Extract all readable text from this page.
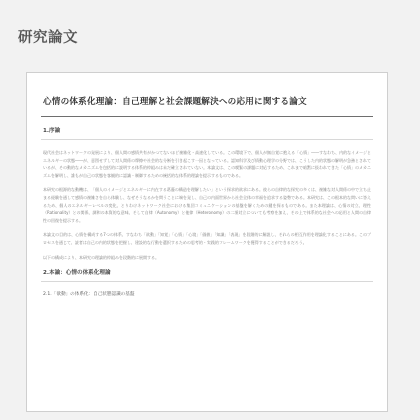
研究論文
心情の体系化理論：自己理解と社会課題解決への応用に関する論文
1.序論

現代社会はネットワークの発展により、個人間の感情共有がかつてないほど複雑化・高速化している。この環境下で、個人が無自覚に抱える「心情」――すなわち、内的なイメージとエネルギーの状態――が、意図せずして対人関係の摩擦や社会的な分断を引き起こす一因となっている。認知科学及び情動心理学の分野では、こうした内的状態の解明が急務とされているが、その動的なメカニズムを包括的に説明する体系的枠組みは未だ確立されていない。本論文は、この喫緊の課題に対応するため、これまで暗黙に扱われてきた「心情」のメカニズムを解明し、誰もが自己の状態を客観的に認識・制御するための統括的な体系的理論を提示するものである。

本研究の根源的な動機は、「個人のイメージとエネルギーに内在する葛藤の構造を理解したい」という探求的欲求にある。彼らの自律的な探究の多くは、複雑な対人関係の中で立ち止まる経験を通して感情の複雑さを自ら体験し、なぜそうなるかを問うことに端を発し、自己の内面世界から社会全体の幸福を追求する姿勢である。本研究は、この根本的な問いに答えるため、個人のエネルギーレベルの変化、とりわけネットワーク社会における集団コミュニケーションの基盤を解くための鍵を探るものである。また本理論は、心情の対立、理性（Rationality）との関係、調和の本質的な意味、そして自律（Autonomy）と他律（Heteronomy）の二項対立についても考察を加え、その上で体系的な社会への応用と人間の自律性の回復を提示する。

本論文の目的は、心情を構成する7つの体系、すなわち「欲動」「知覚」「心情」「心境」「価値」「知識」「表現」を段階的に解説し、それらの相互作用を理論化することにある。このプロセスを通じて、読者は自己の内的状態を把握し、建設的な行動を選択するための思考的・実践的フレームワークを獲得することができるだろう。

以下の構成により、本研究の理論的枠組みを段階的に展開する。

2.本論：心情の体系化理論
2.1.「欲動」の体系化：自己状態認識の基盤
